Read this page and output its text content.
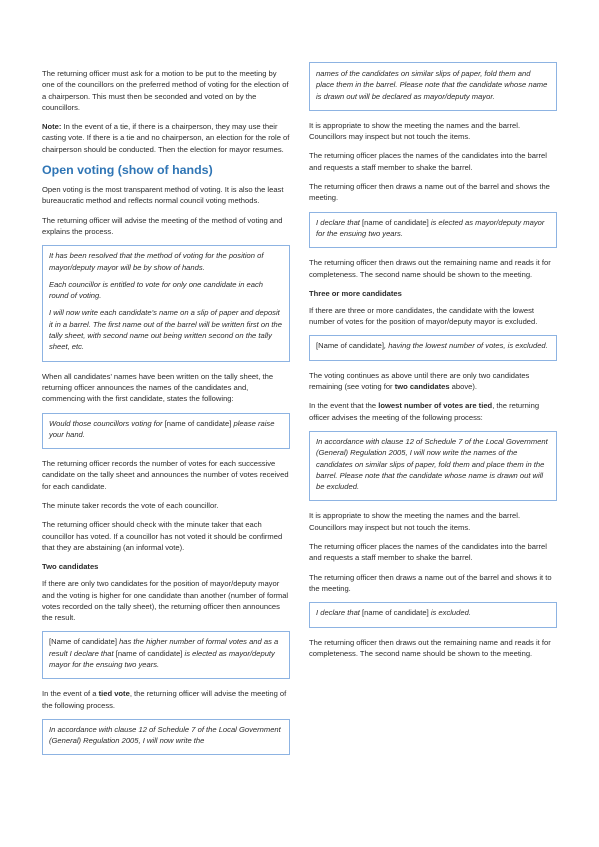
The returning officer must ask for a motion to be put to the meeting by one of the councillors on the preferred method of voting for the election of a chairperson. This must then be seconded and voted on by the councillors.

Note: In the event of a tie, if there is a chairperson, they may use their casting vote. If there is a tie and no chairperson, an election for the role of chairperson should be conducted. Then the election for mayor resumes.

Open voting (show of hands)

Open voting is the most transparent method of voting. It is also the least bureaucratic method and reflects normal council voting methods.

The returning officer will advise the meeting of the method of voting and explains the process.

It has been resolved that the method of voting for the position of mayor/deputy mayor will be by show of hands.

Each councillor is entitled to vote for only one candidate in each round of voting.

I will now write each candidate’s name on a slip of paper and deposit it in a barrel. The first name out of the barrel will be written first on the tally sheet, with second name out being written second on the tally sheet, etc.

When all candidates’ names have been written on the tally sheet, the returning officer announces the names of the candidates and, commencing with the first candidate, states the following:

Would those councillors voting for [name of candidate] please raise your hand.

The returning officer records the number of votes for each successive candidate on the tally sheet and announces the number of votes received for each candidate.

The minute taker records the vote of each councillor.

The returning officer should check with the minute taker that each councillor has voted. If a councillor has not voted it should be confirmed that they are abstaining (an informal vote).

Two candidates

If there are only two candidates for the position of mayor/deputy mayor and the voting is higher for one candidate than another (number of formal votes recorded on the tally sheet), the returning officer then announces the result.

[Name of candidate] has the higher number of formal votes and as a result I declare that [name of candidate] is elected as mayor/deputy mayor for the ensuing two years.

In the event of a tied vote, the returning officer will advise the meeting of the following process.

In accordance with clause 12 of Schedule 7 of the Local Government (General) Regulation 2005, I will now write the

names of the candidates on similar slips of paper, fold them and place them in the barrel. Please note that the candidate whose name is drawn out will be declared as mayor/deputy mayor.

It is appropriate to show the meeting the names and the barrel. Councillors may inspect but not touch the items.

The returning officer places the names of the candidates into the barrel and requests a staff member to shake the barrel.

The returning officer then draws a name out of the barrel and shows the meeting.

I declare that [name of candidate] is elected as mayor/deputy mayor for the ensuing two years.

The returning officer then draws out the remaining name and reads it for completeness. The second name should be shown to the meeting.

Three or more candidates

If there are three or more candidates, the candidate with the lowest number of votes for the position of mayor/deputy mayor is excluded.

[Name of candidate], having the lowest number of votes, is excluded.

The voting continues as above until there are only two candidates remaining (see voting for two candidates above).

In the event that the lowest number of votes are tied, the returning officer advises the meeting of the following process:

In accordance with clause 12 of Schedule 7 of the Local Government (General) Regulation 2005, I will now write the names of the candidates on similar slips of paper, fold them and place them in the barrel. Please note that the candidate whose name is drawn out will be excluded.

It is appropriate to show the meeting the names and the barrel. Councillors may inspect but not touch the items.

The returning officer places the names of the candidates into the barrel and requests a staff member to shake the barrel.

The returning officer then draws a name out of the barrel and shows it to the meeting.

I declare that [name of candidate] is excluded.

The returning officer then draws out the remaining name and reads it for completeness. The second name should be shown to the meeting.
